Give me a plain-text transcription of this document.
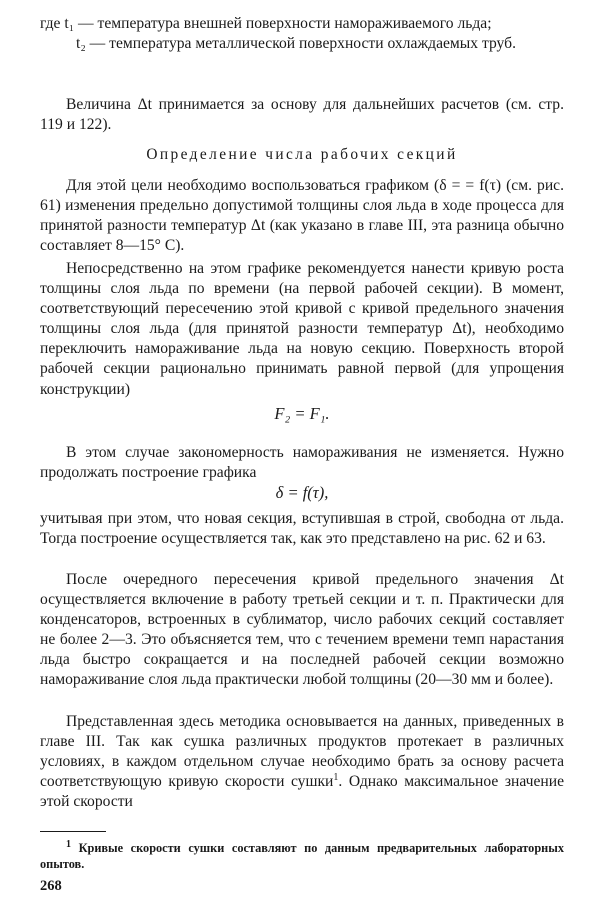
где t₁ — температура внешней поверхности намораживаемого льда;

t₂ — температура металлической поверхности охлаждаемых труб.

Величина Δt принимается за основу для дальнейших расчетов (см. стр. 119 и 122).

Определение числа рабочих секций

Для этой цели необходимо воспользоваться графиком (δ = = f(τ) (см. рис. 61) изменения предельно допустимой толщины слоя льда в ходе процесса для принятой разности температур Δt (как указано в главе III, эта разница обычно составляет 8—15° С).

Непосредственно на этом графике рекомендуется нанести кривую роста толщины слоя льда по времени (на первой рабочей секции). В момент, соответствующий пересечению этой кривой с кривой предельного значения толщины слоя льда (для принятой разности температур Δt), необходимо переключить намораживание льда на новую секцию. Поверхность второй рабочей секции рационально принимать равной первой (для упрощения конструкции)

F₂ = F₁.

В этом случае закономерность намораживания не изменяется. Нужно продолжать построение графика

δ = f(τ),

учитывая при этом, что новая секция, вступившая в строй, свободна от льда. Тогда построение осуществляется так, как это представлено на рис. 62 и 63.

После очередного пересечения кривой предельного значения Δt осуществляется включение в работу третьей секции и т. п. Практически для конденсаторов, встроенных в сублиматор, число рабочих секций составляет не более 2—3. Это объясняется тем, что с течением времени темп нарастания льда быстро сокращается и на последней рабочей секции возможно намораживание слоя льда практически любой толщины (20—30 мм и более).

Представленная здесь методика основывается на данных, приведенных в главе III. Так как сушка различных продуктов протекает в различных условиях, в каждом отдельном случае необходимо брать за основу расчета соответствующую кривую скорости сушки$^1$. Однако максимальное значение этой скорости

$^1$ Кривые скорости сушки составляют по данным предварительных лабораторных опытов.

268
